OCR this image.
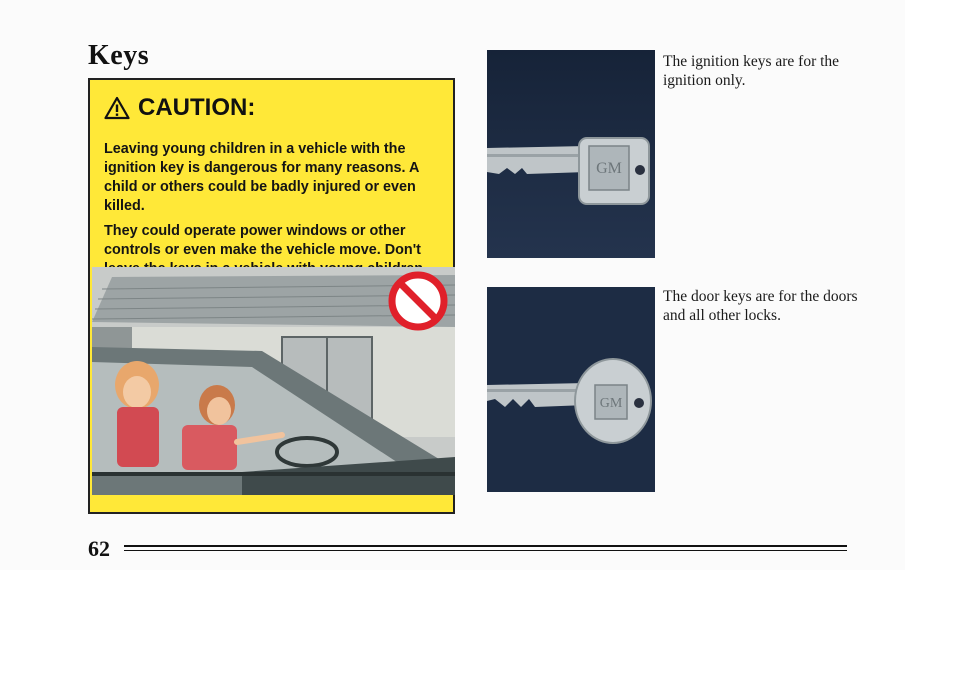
Keys
CAUTION:

Leaving young children in a vehicle with the ignition key is dangerous for many reasons. A child or others could be badly injured or even killed.

They could operate power windows or other controls or even make the vehicle move. Don't

GM

The ignition keys are for the ignition only.

GM

The door keys are for the doors and all other locks.

62
